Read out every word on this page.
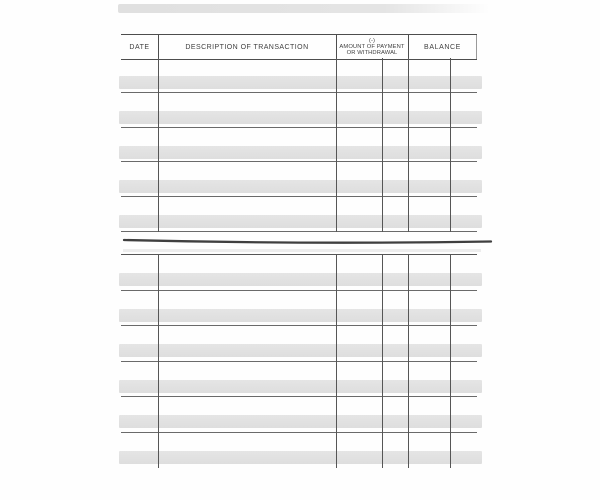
DATE	DESCRIPTION OF TRANSACTION
(-)
AMOUNT OF PAYMENT
OR WITHDRAWAL
BALANCE
